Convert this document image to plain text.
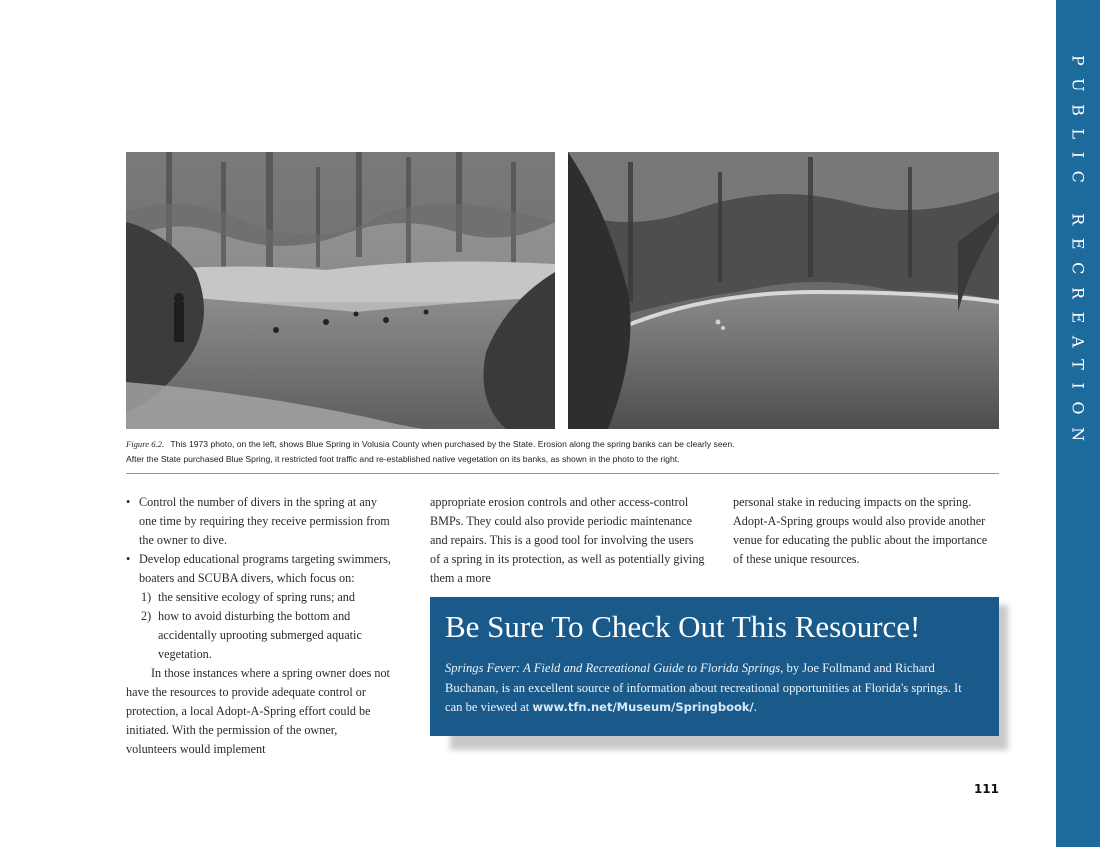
PUBLIC RECREATION
Figure 6.2. This 1973 photo, on the left, shows Blue Spring in Volusia County when purchased by the State. Erosion along the spring banks can be clearly seen.
After the State purchased Blue Spring, it restricted foot traffic and re-established native vegetation on its banks, as shown in the photo to the right.
• Control the number of divers in the spring at any one time by requiring they receive permission from the owner to dive.
• Develop educational programs targeting swimmers, boaters and SCUBA divers, which focus on:
1) the sensitive ecology of spring runs; and
2) how to avoid disturbing the bottom and accidentally uprooting submerged aquatic vegetation.

In those instances where a spring owner does not have the resources to provide adequate control or protection, a local Adopt-A-Spring effort could be initiated. With the permission of the owner, volunteers would implement

appropriate erosion controls and other access-control BMPs. They could also provide periodic maintenance and repairs. This is a good tool for involving the users of a spring in its protection, as well as potentially giving them a more

personal stake in reducing impacts on the spring. Adopt-A-Spring groups would also provide another venue for educating the public about the importance of these unique resources.

Be Sure To Check Out This Resource!

Springs Fever: A Field and Recreational Guide to Florida Springs, by Joe Follmand and Richard Buchanan, is an excellent source of information about recreational opportunities at Florida's springs. It can be viewed at www.tfn.net/Museum/Springbook/.

111
